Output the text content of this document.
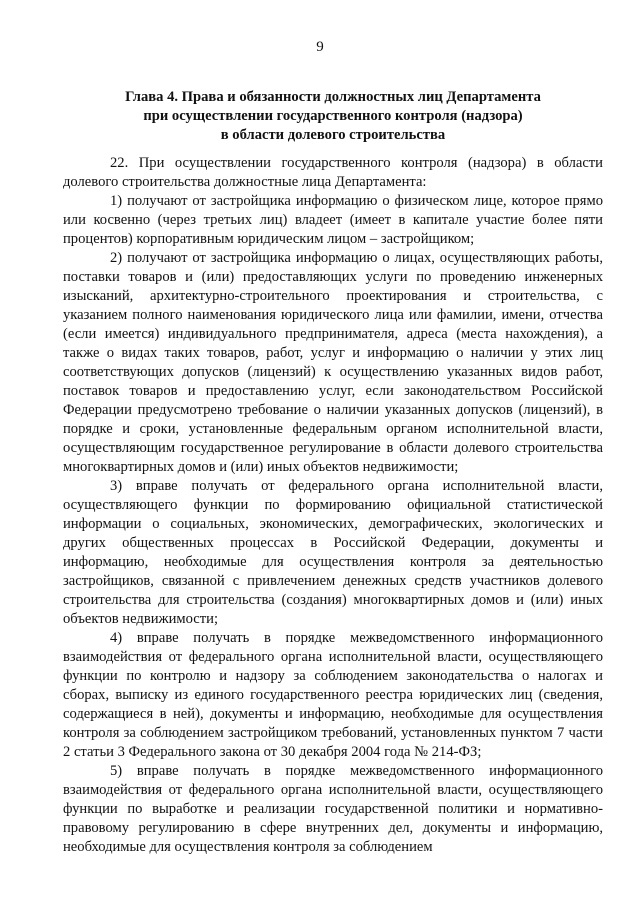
9
Глава 4. Права и обязанности должностных лиц Департамента
при осуществлении государственного контроля (надзора)
в области долевого строительства

22. При осуществлении государственного контроля (надзора) в области долевого строительства должностные лица Департамента:

1) получают от застройщика информацию о физическом лице, которое прямо или косвенно (через третьих лиц) владеет (имеет в капитале участие более пяти процентов) корпоративным юридическим лицом – застройщиком;

2) получают от застройщика информацию о лицах, осуществляющих работы, поставки товаров и (или) предоставляющих услуги по проведению инженерных изысканий, архитектурно-строительного проектирования и строительства, с указанием полного наименования юридического лица или фамилии, имени, отчества (если имеется) индивидуального предпринимателя, адреса (места нахождения), а также о видах таких товаров, работ, услуг и информацию о наличии у этих лиц соответствующих допусков (лицензий) к осуществлению указанных видов работ, поставок товаров и предоставлению услуг, если законодательством Российской Федерации предусмотрено требование о наличии указанных допусков (лицензий), в порядке и сроки, установленные федеральным органом исполнительной власти, осуществляющим государственное регулирование в области долевого строительства многоквартирных домов и (или) иных объектов недвижимости;

3) вправе получать от федерального органа исполнительной власти, осуществляющего функции по формированию официальной статистической информации о социальных, экономических, демографических, экологических и других общественных процессах в Российской Федерации, документы и информацию, необходимые для осуществления контроля за деятельностью застройщиков, связанной с привлечением денежных средств участников долевого строительства для строительства (создания) многоквартирных домов и (или) иных объектов недвижимости;

4) вправе получать в порядке межведомственного информационного взаимодействия от федерального органа исполнительной власти, осуществляющего функции по контролю и надзору за соблюдением законодательства о налогах и сборах, выписку из единого государственного реестра юридических лиц (сведения, содержащиеся в ней), документы и информацию, необходимые для осуществления контроля за соблюдением застройщиком требований, установленных пунктом 7 части 2 статьи 3 Федерального закона от 30 декабря 2004 года № 214-ФЗ;

5) вправе получать в порядке межведомственного информационного взаимодействия от федерального органа исполнительной власти, осуществляющего функции по выработке и реализации государственной политики и нормативно-правовому регулированию в сфере внутренних дел, документы и информацию, необходимые для осуществления контроля за соблюдением
